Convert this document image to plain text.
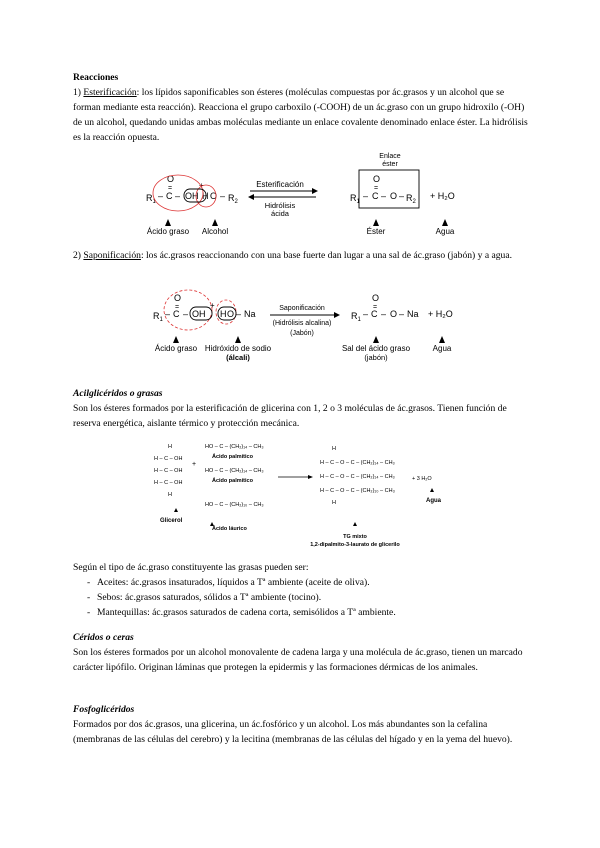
Reacciones
1) Esterificación: los lípidos saponificables son ésteres (moléculas compuestas por ác.grasos y un alcohol que se forman mediante esta reacción). Reacciona el grupo carboxilo (-COOH) de un ác.graso con un grupo hidroxilo (-OH) de un alcohol, quedando unidas ambas moléculas mediante un enlace covalente denominado enlace éster. La hidrólisis es la reacción opuesta.
$R_1$
– C
O
=
– OH
+
H O – $R_2$
Esterificación
Hidrólisis
ácida
$R_1$
– C
O
=
– O – $R_2$
Enlace
éster
+ H₂O
Ácido graso Alcohol	Éster	Agua
2) Saponificación: los ác.grasos reaccionando con una base fuerte dan lugar a una sal de ác.graso (jabón) y a agua.
$R_1$
– C
O
=
– OH
+
H O – Na
Saponificación
(Hidrólisis alcalina)
(Jabón)
$R_1$
– C
O
=
– O – Na + H₂O
Ácido graso Hidróxido de sodio
(álcali)
Sal del ácido graso
(jabón)
Agua
Acilglicéridos o grasas
Son los ésteres formados por la esterificación de glicerina con 1, 2 o 3 moléculas de ác.grasos. Tienen función de reserva energética, aislante térmico y protección mecánica.
H
H – C – OH
H – C – OH
H – C – OH
H
Glicerol
+
HO – C – (CH₂)₁₄ – CH₃
Ácido palmítico
HO – C – (CH₂)₁₄ – CH₃
Ácido palmítico
HO – C – (CH₂)₁₀ – CH₃
Ácido láurico
H
H – C – O – C – (CH₂)₁₄ – CH₃
H – C – O – C – (CH₂)₁₄ – CH₃
H – C – O – C – (CH₂)₁₀ – CH₃
H
+ 3 H₂O
TG mixto
1,2-dipalmito-3-laurato de glicerilo
Agua
Según el tipo de ác.graso constituyente las grasas pueden ser:
- Aceites: ác.grasos insaturados, líquidos a Tª ambiente (aceite de oliva).
- Sebos: ác.grasos saturados, sólidos a Tª ambiente (tocino).
- Mantequillas: ác.grasos saturados de cadena corta, semisólidos a Tª ambiente.
Céridos o ceras
Son los ésteres formados por un alcohol monovalente de cadena larga y una molécula de ác.graso, tienen un marcado carácter lipófilo. Originan láminas que protegen la epidermis y las formaciones dérmicas de los animales.
Fosfoglicéridos
Formados por dos ác.grasos, una glicerina, un ác.fosfórico y un alcohol. Los más abundantes son la cefalina (membranas de las células del cerebro) y la lecitina (membranas de las células del hígado y en la yema del huevo).
